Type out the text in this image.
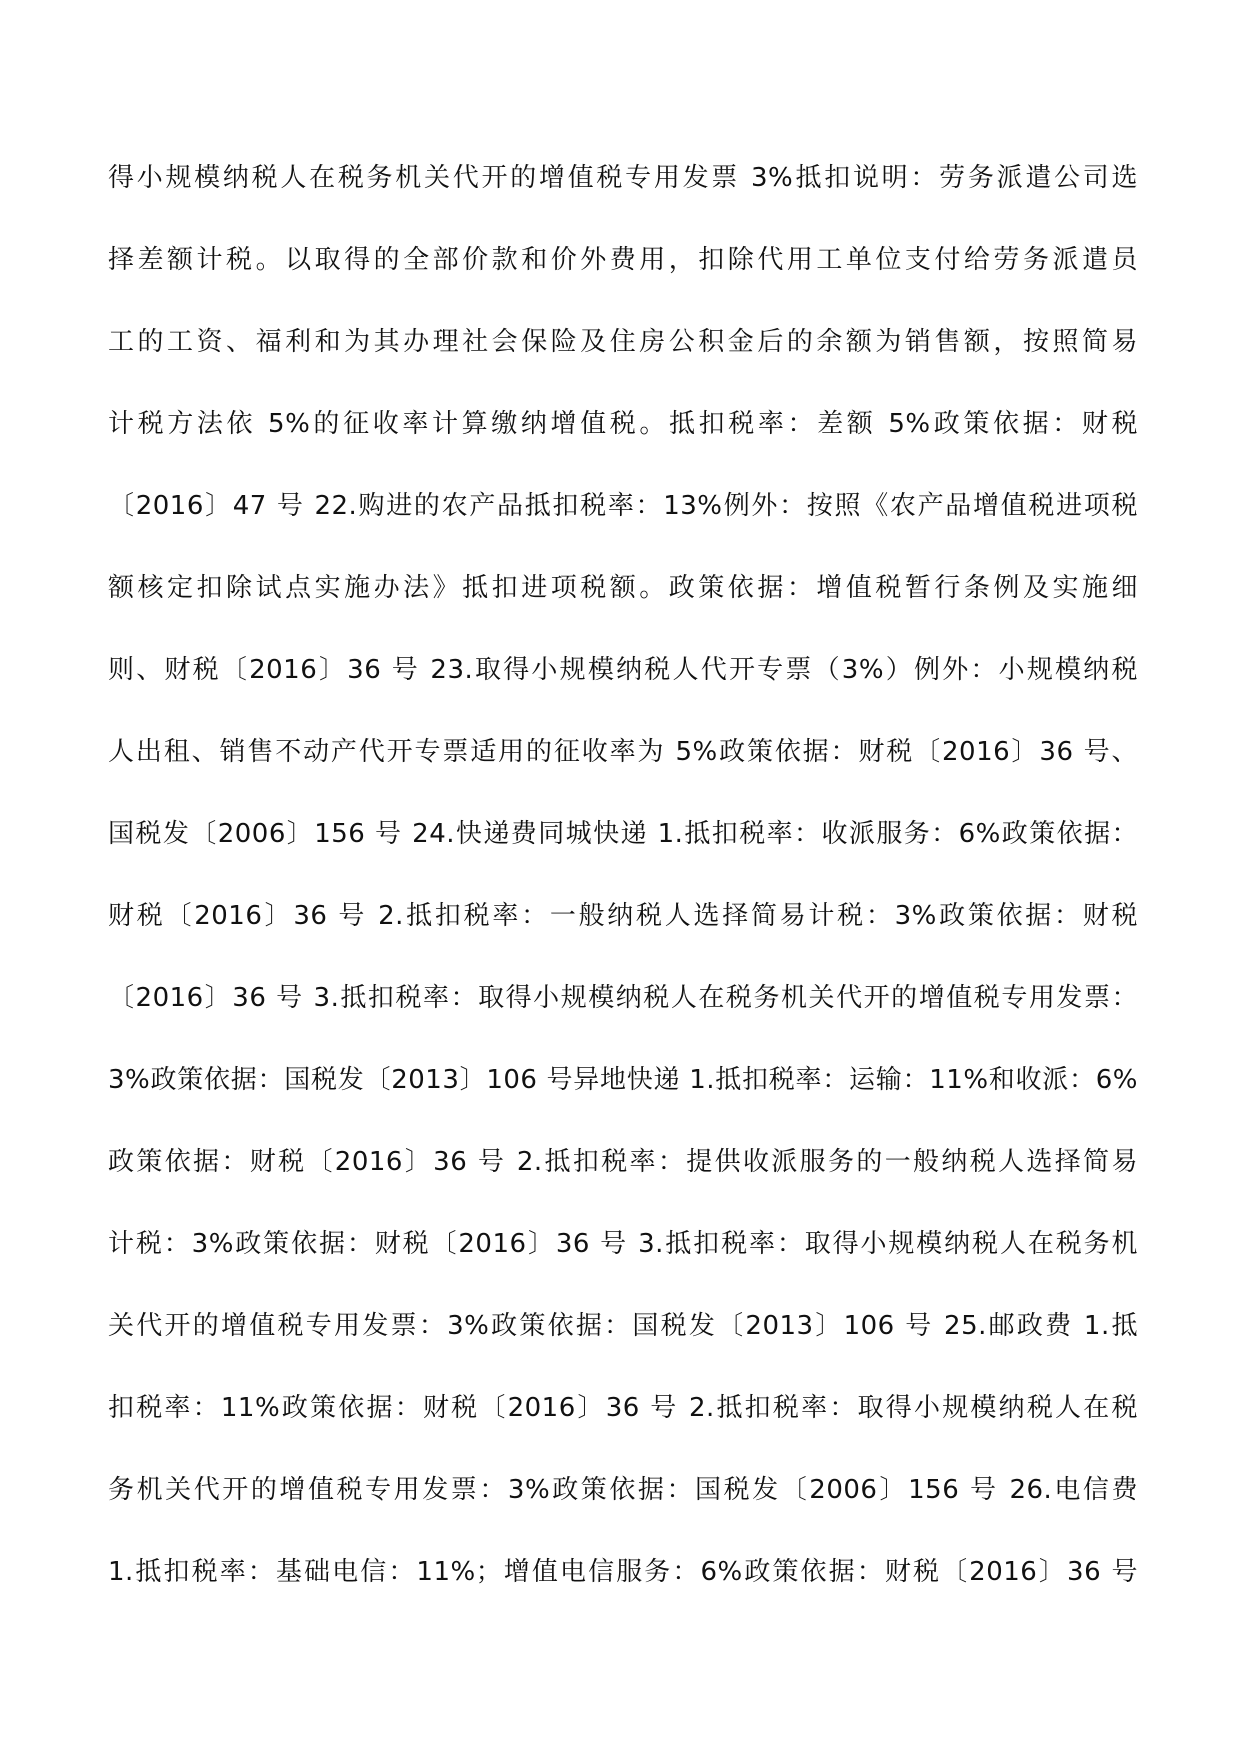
得小规模纳税人在税务机关代开的增值税专用发票 3%抵扣说明：劳务派遣公司选
择差额计税。以取得的全部价款和价外费用，扣除代用工单位支付给劳务派遣员
工的工资、福利和为其办理社会保险及住房公积金后的余额为销售额，按照简易
计税方法依 5%的征收率计算缴纳增值税。抵扣税率：差额 5%政策依据：财税
〔2016〕47 号 22.购进的农产品抵扣税率：13%例外：按照《农产品增值税进项税
额核定扣除试点实施办法》抵扣进项税额。政策依据：增值税暂行条例及实施细
则、财税〔2016〕36 号 23.取得小规模纳税人代开专票（3%）例外：小规模纳税
人出租、销售不动产代开专票适用的征收率为 5%政策依据：财税〔2016〕36 号、
国税发〔2006〕156 号 24.快递费同城快递 1.抵扣税率：收派服务：6%政策依据：
财税〔2016〕36 号 2.抵扣税率：一般纳税人选择简易计税：3%政策依据：财税
〔2016〕36 号 3.抵扣税率：取得小规模纳税人在税务机关代开的增值税专用发票：
3%政策依据：国税发〔2013〕106 号异地快递 1.抵扣税率：运输：11%和收派：6%
政策依据：财税〔2016〕36 号 2.抵扣税率：提供收派服务的一般纳税人选择简易
计税：3%政策依据：财税〔2016〕36 号 3.抵扣税率：取得小规模纳税人在税务机
关代开的增值税专用发票：3%政策依据：国税发〔2013〕106 号 25.邮政费 1.抵
扣税率：11%政策依据：财税〔2016〕36 号 2.抵扣税率：取得小规模纳税人在税
务机关代开的增值税专用发票：3%政策依据：国税发〔2006〕156 号 26.电信费
1.抵扣税率：基础电信：11%；增值电信服务：6%政策依据：财税〔2016〕36 号
